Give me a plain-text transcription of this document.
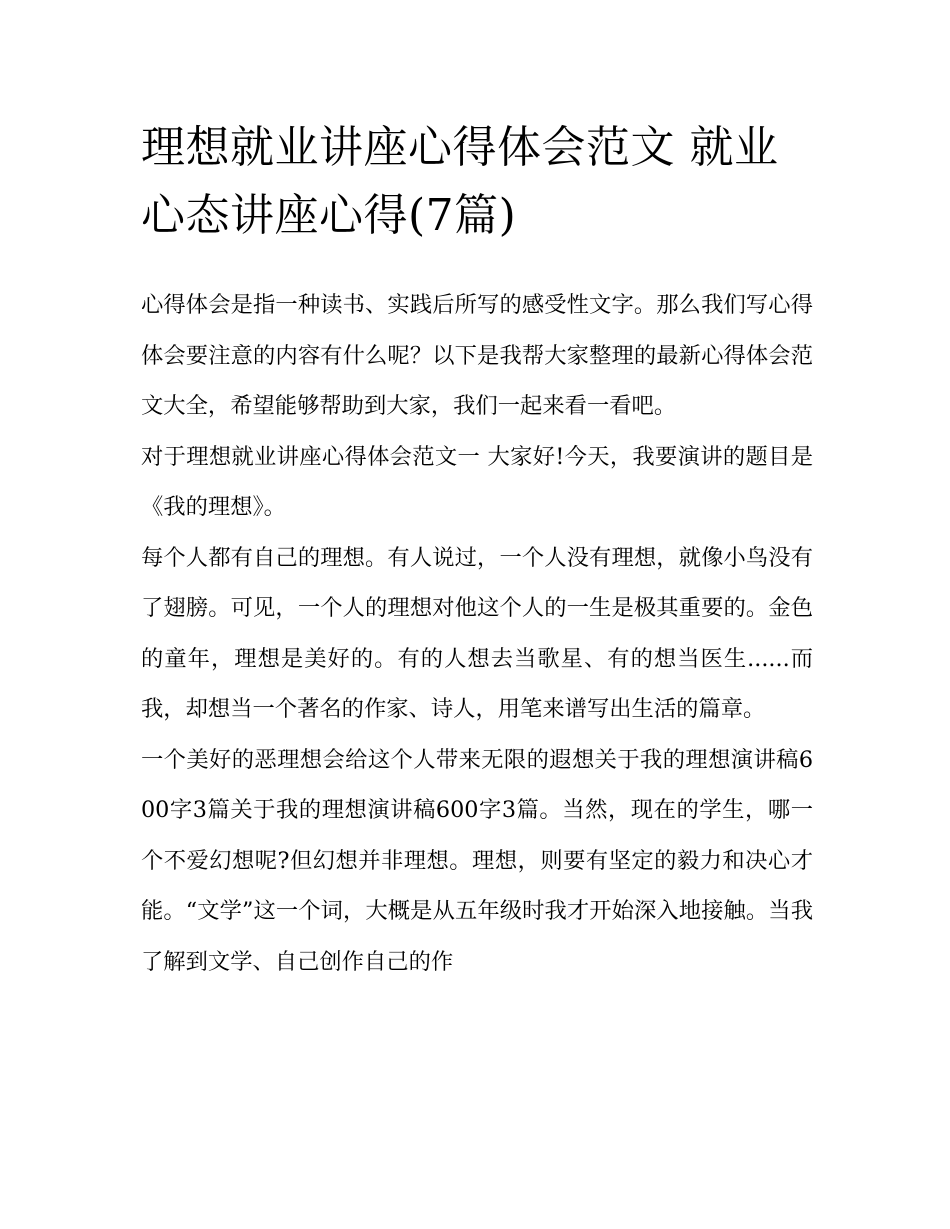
理想就业讲座心得体会范文 就业心态讲座心得(7篇)

心得体会是指一种读书、实践后所写的感受性文字。那么我们写心得体会要注意的内容有什么呢？以下是我帮大家整理的最新心得体会范文大全，希望能够帮助到大家，我们一起来看一看吧。

对于理想就业讲座心得体会范文一 大家好!今天，我要演讲的题目是《我的理想》。

每个人都有自己的理想。有人说过，一个人没有理想，就像小鸟没有了翅膀。可见，一个人的理想对他这个人的一生是极其重要的。金色的童年，理想是美好的。有的人想去当歌星、有的想当医生......而我，却想当一个著名的作家、诗人，用笔来谱写出生活的篇章。

一个美好的恶理想会给这个人带来无限的遐想关于我的理想演讲稿600字3篇关于我的理想演讲稿600字3篇。当然，现在的学生，哪一个不爱幻想呢?但幻想并非理想。理想，则要有坚定的毅力和决心才能。“文学”这一个词，大概是从五年级时我才开始深入地接触。当我了解到文学、自己创作自己的作
